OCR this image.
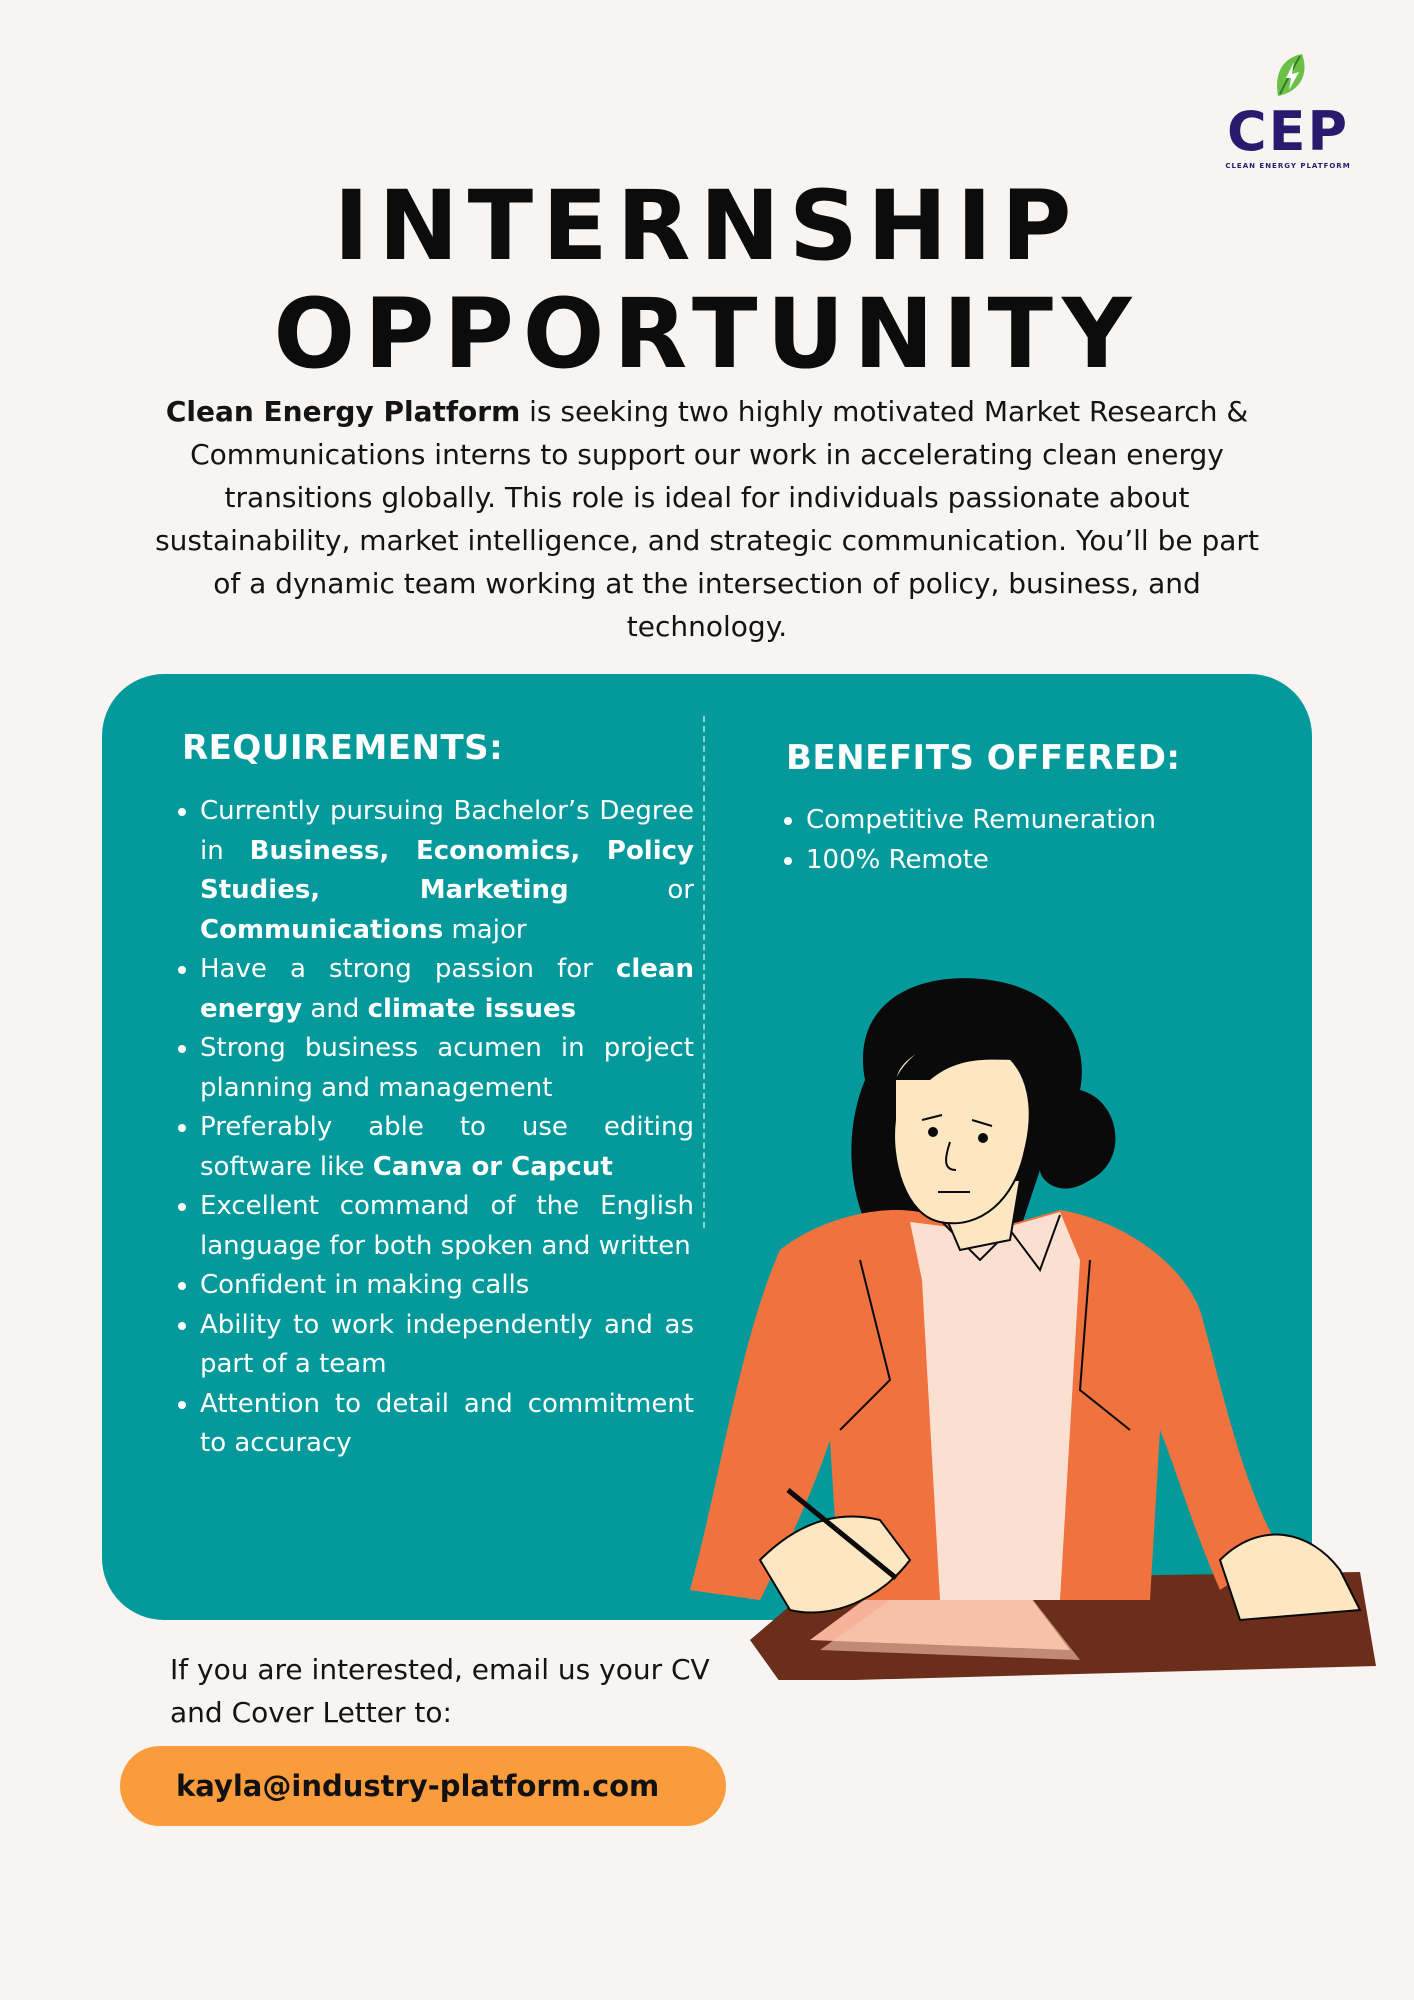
CEP
CLEAN ENERGY PLATFORM
INTERNSHIP
OPPORTUNITY
Clean Energy Platform is seeking two highly motivated Market Research & Communications interns to support our work in accelerating clean energy transitions globally. This role is ideal for individuals passionate about sustainability, market intelligence, and strategic communication. You’ll be part of a dynamic team working at the intersection of policy, business, and technology.
REQUIREMENTS:
• Currently pursuing Bachelor’s Degree in Business, Economics, Policy Studies, Marketing or Communications major
• Have a strong passion for clean energy and climate issues
• Strong business acumen in project planning and management
• Preferably able to use editing software like Canva or Capcut
• Excellent command of the English language for both spoken and written
• Confident in making calls
• Ability to work independently and as part of a team
• Attention to detail and commitment to accuracy
BENEFITS OFFERED:
• Competitive Remuneration
• 100% Remote
If you are interested, email us your CV and Cover Letter to:
kayla@industry-platform.com
